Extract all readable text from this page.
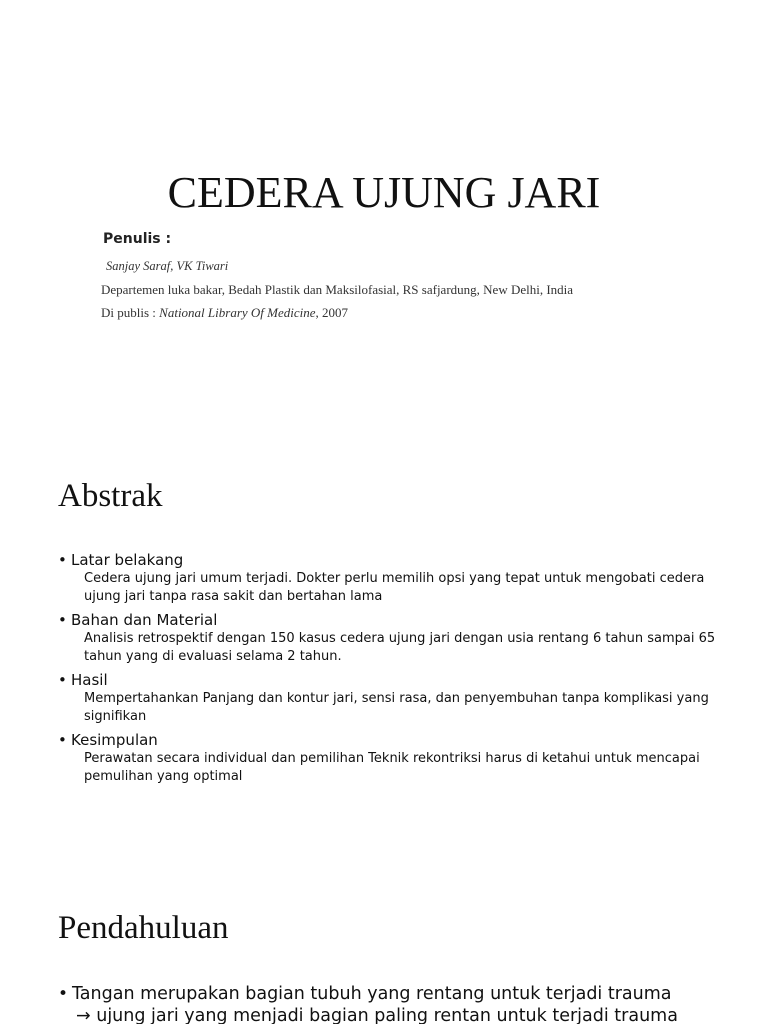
CEDERA UJUNG JARI
Penulis :
Sanjay Saraf, VK Tiwari
Departemen luka bakar, Bedah Plastik dan Maksilofasial, RS safjardung, New Delhi, India
Di publis : National Library Of Medicine, 2007
Abstrak
• Latar belakang
Cedera ujung jari umum terjadi. Dokter perlu memilih opsi yang tepat untuk mengobati cedera ujung jari tanpa rasa sakit dan bertahan lama
• Bahan dan Material
Analisis retrospektif dengan 150 kasus cedera ujung jari dengan usia rentang 6 tahun sampai 65 tahun yang di evaluasi selama 2 tahun.
• Hasil
Mempertahankan Panjang dan kontur jari, sensi rasa, dan penyembuhan tanpa komplikasi yang signifikan
• Kesimpulan
Perawatan secara individual dan pemilihan Teknik rekontriksi harus di ketahui untuk mencapai pemulihan yang optimal
Pendahuluan
• Tangan merupakan bagian tubuh yang rentang untuk terjadi trauma
→ ujung jari yang menjadi bagian paling rentan untuk terjadi trauma
